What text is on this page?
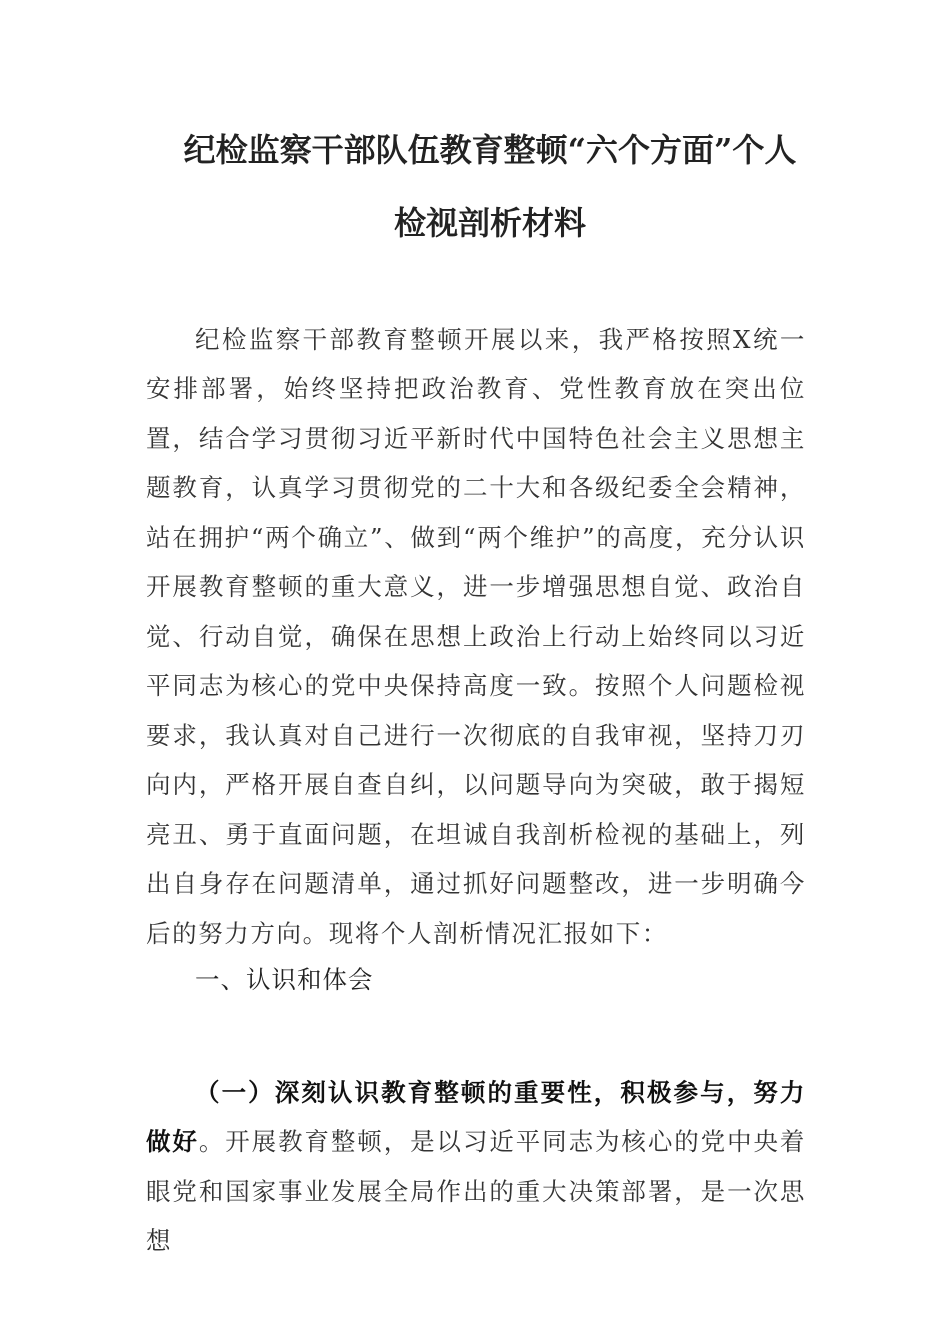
纪检监察干部队伍教育整顿“六个方面”个人
检视剖析材料

纪检监察干部教育整顿开展以来，我严格按照X统一安排部署，始终坚持把政治教育、党性教育放在突出位置，结合学习贯彻习近平新时代中国特色社会主义思想主题教育，认真学习贯彻党的二十大和各级纪委全会精神，站在拥护“两个确立”、做到“两个维护”的高度，充分认识开展教育整顿的重大意义，进一步增强思想自觉、政治自觉、行动自觉，确保在思想上政治上行动上始终同以习近平同志为核心的党中央保持高度一致。按照个人问题检视要求，我认真对自己进行一次彻底的自我审视，坚持刀刃向内，严格开展自查自纠，以问题导向为突破，敢于揭短亮丑、勇于直面问题，在坦诚自我剖析检视的基础上，列出自身存在问题清单，通过抓好问题整改，进一步明确今后的努力方向。现将个人剖析情况汇报如下：

一、认识和体会

（一）深刻认识教育整顿的重要性，积极参与，努力做好。开展教育整顿，是以习近平同志为核心的党中央着眼党和国家事业发展全局作出的重大决策部署，是一次思想
